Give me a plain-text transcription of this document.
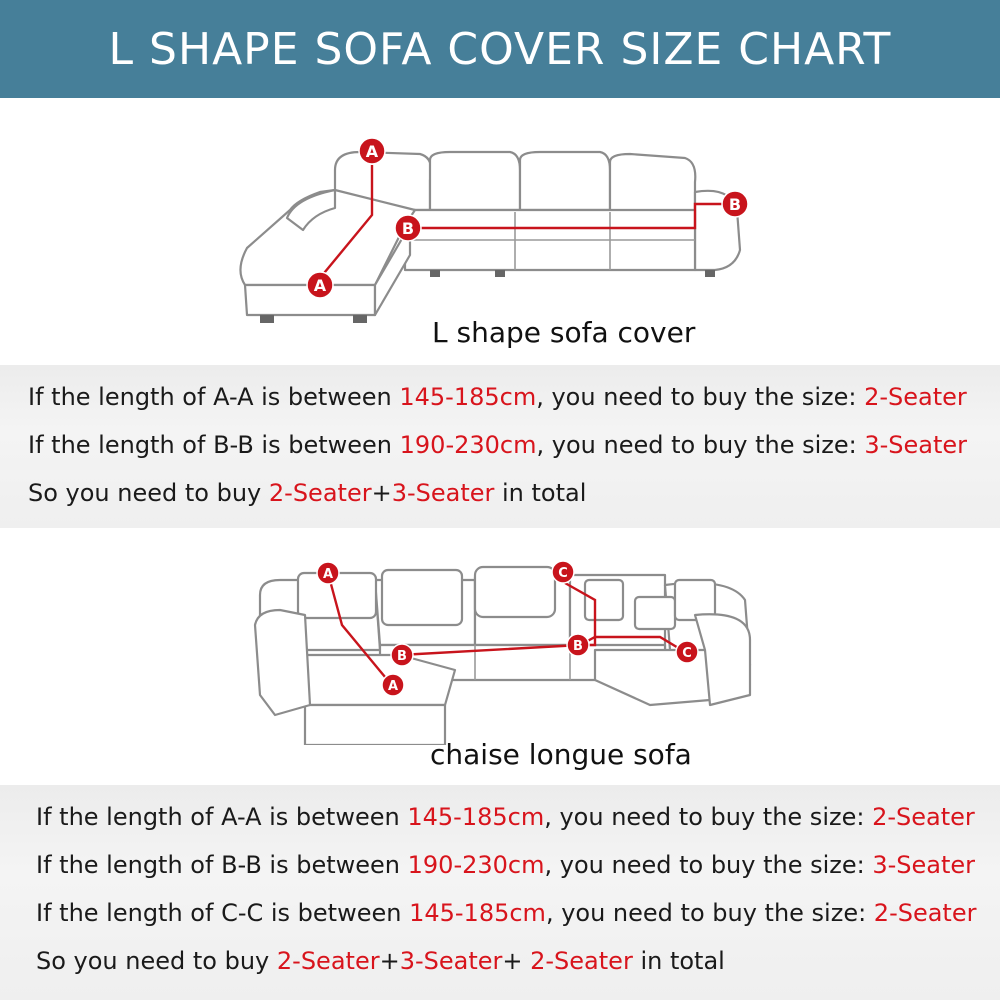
L SHAPE SOFA COVER SIZE CHART
A
A
B
B
L shape sofa cover
If the length of A-A is between 145-185cm, you need to buy the size: 2-Seater
If the length of B-B is between 190-230cm, you need to buy the size: 3-Seater
So you need to buy 2-Seater+3-Seater in total
A
A
B
B
C
C
chaise longue sofa
If the length of A-A is between 145-185cm, you need to buy the size: 2-Seater
If the length of B-B is between 190-230cm, you need to buy the size: 3-Seater
If the length of C-C is between 145-185cm, you need to buy the size: 2-Seater
So you need to buy 2-Seater+3-Seater+ 2-Seater in total
